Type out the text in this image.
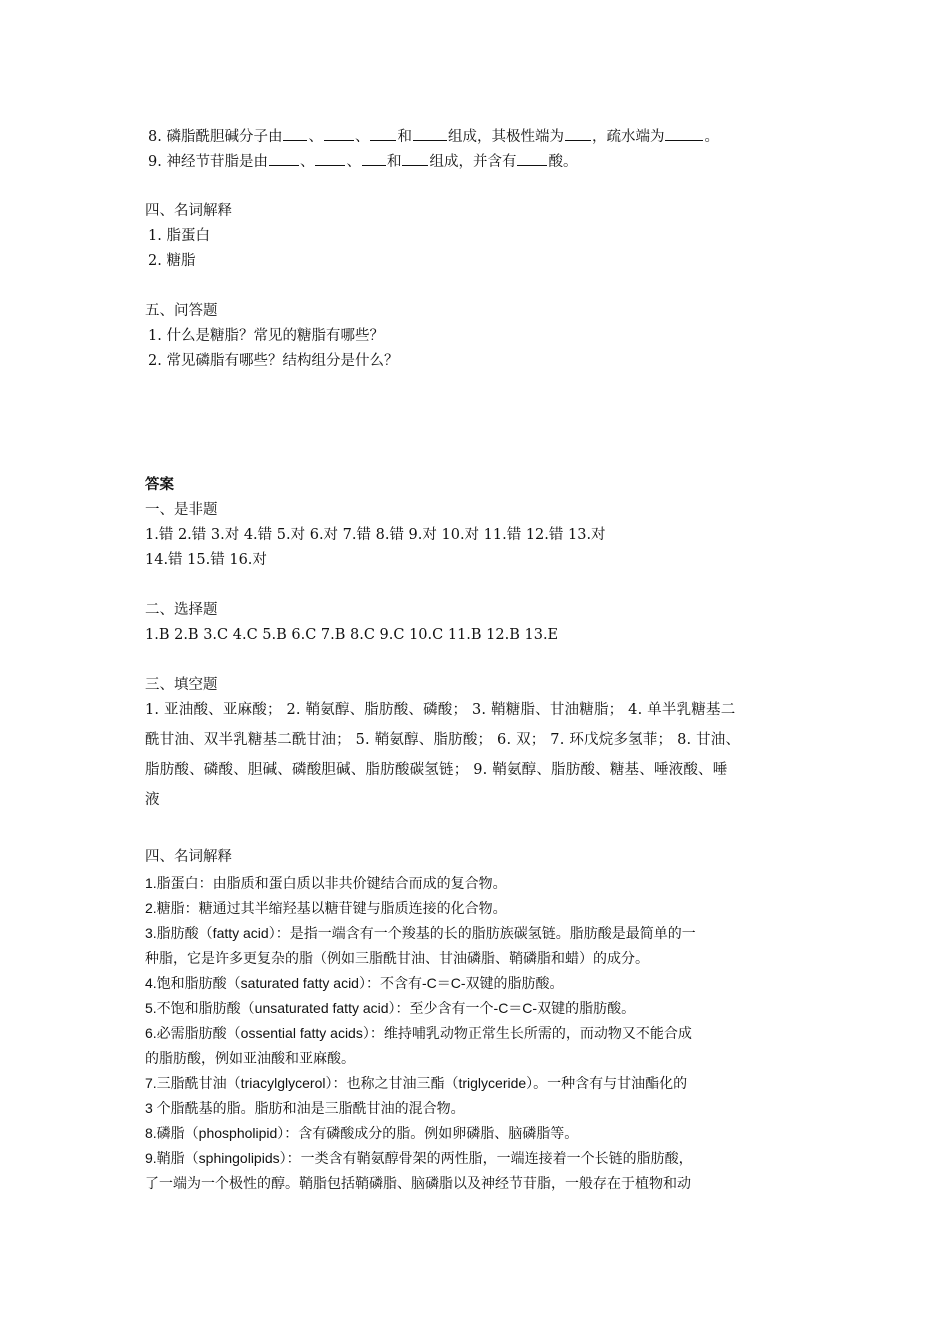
8. 磷脂酰胆碱分子由 、 、 和 组成，其极性端为 ，疏水端为	。
9. 神经节苷脂是由 、 、 和 组成，并含有 酸。
四、名词解释
1. 脂蛋白
2. 糖脂
五、问答题
1. 什么是糖脂？常见的糖脂有哪些？
2. 常见磷脂有哪些？结构组分是什么？
答案
一、是非题
1.错 2.错 3.对 4.错 5.对 6.对 7.错 8.错 9.对 10.对 11.错 12.错 13.对
14.错 15.错 16.对
二、选择题
1.B 2.B 3.C 4.C 5.B 6.C 7.B 8.C 9.C 10.C 11.B 12.B 13.E
三、填空题
1. 亚油酸、亚麻酸； 2. 鞘氨醇、脂肪酸、磷酸； 3. 鞘糖脂、甘油糖脂； 4. 单半乳糖基二
酰甘油、双半乳糖基二酰甘油； 5. 鞘氨醇、脂肪酸； 6. 双； 7. 环戊烷多氢菲； 8. 甘油、
脂肪酸、磷酸、胆碱、磷酸胆碱、脂肪酸碳氢链； 9. 鞘氨醇、脂肪酸、糖基、唾液酸、唾
液
四、名词解释
1.脂蛋白：由脂质和蛋白质以非共价键结合而成的复合物。
2.糖脂：糖通过其半缩羟基以糖苷键与脂质连接的化合物。
3.脂肪酸（fatty acid）：是指一端含有一个羧基的长的脂肪族碳氢链。脂肪酸是最简单的一
种脂，它是许多更复杂的脂（例如三脂酰甘油、甘油磷脂、鞘磷脂和蜡）的成分。
4.饱和脂肪酸（saturated fatty acid）：不含有-C＝C-双键的脂肪酸。
5.不饱和脂肪酸（unsaturated fatty acid）：至少含有一个-C＝C-双键的脂肪酸。
6.必需脂肪酸（ossential fatty acids）：维持哺乳动物正常生长所需的，而动物又不能合成
的脂肪酸，例如亚油酸和亚麻酸。
7.三脂酰甘油（triacylglycerol）：也称之甘油三酯（triglyceride）。一种含有与甘油酯化的
3 个脂酰基的脂。脂肪和油是三脂酰甘油的混合物。
8.磷脂（phospholipid）：含有磷酸成分的脂。例如卵磷脂、脑磷脂等。
9.鞘脂（sphingolipids）：一类含有鞘氨醇骨架的两性脂，一端连接着一个长链的脂肪酸，
了一端为一个极性的醇。鞘脂包括鞘磷脂、脑磷脂以及神经节苷脂，一般存在于植物和动
